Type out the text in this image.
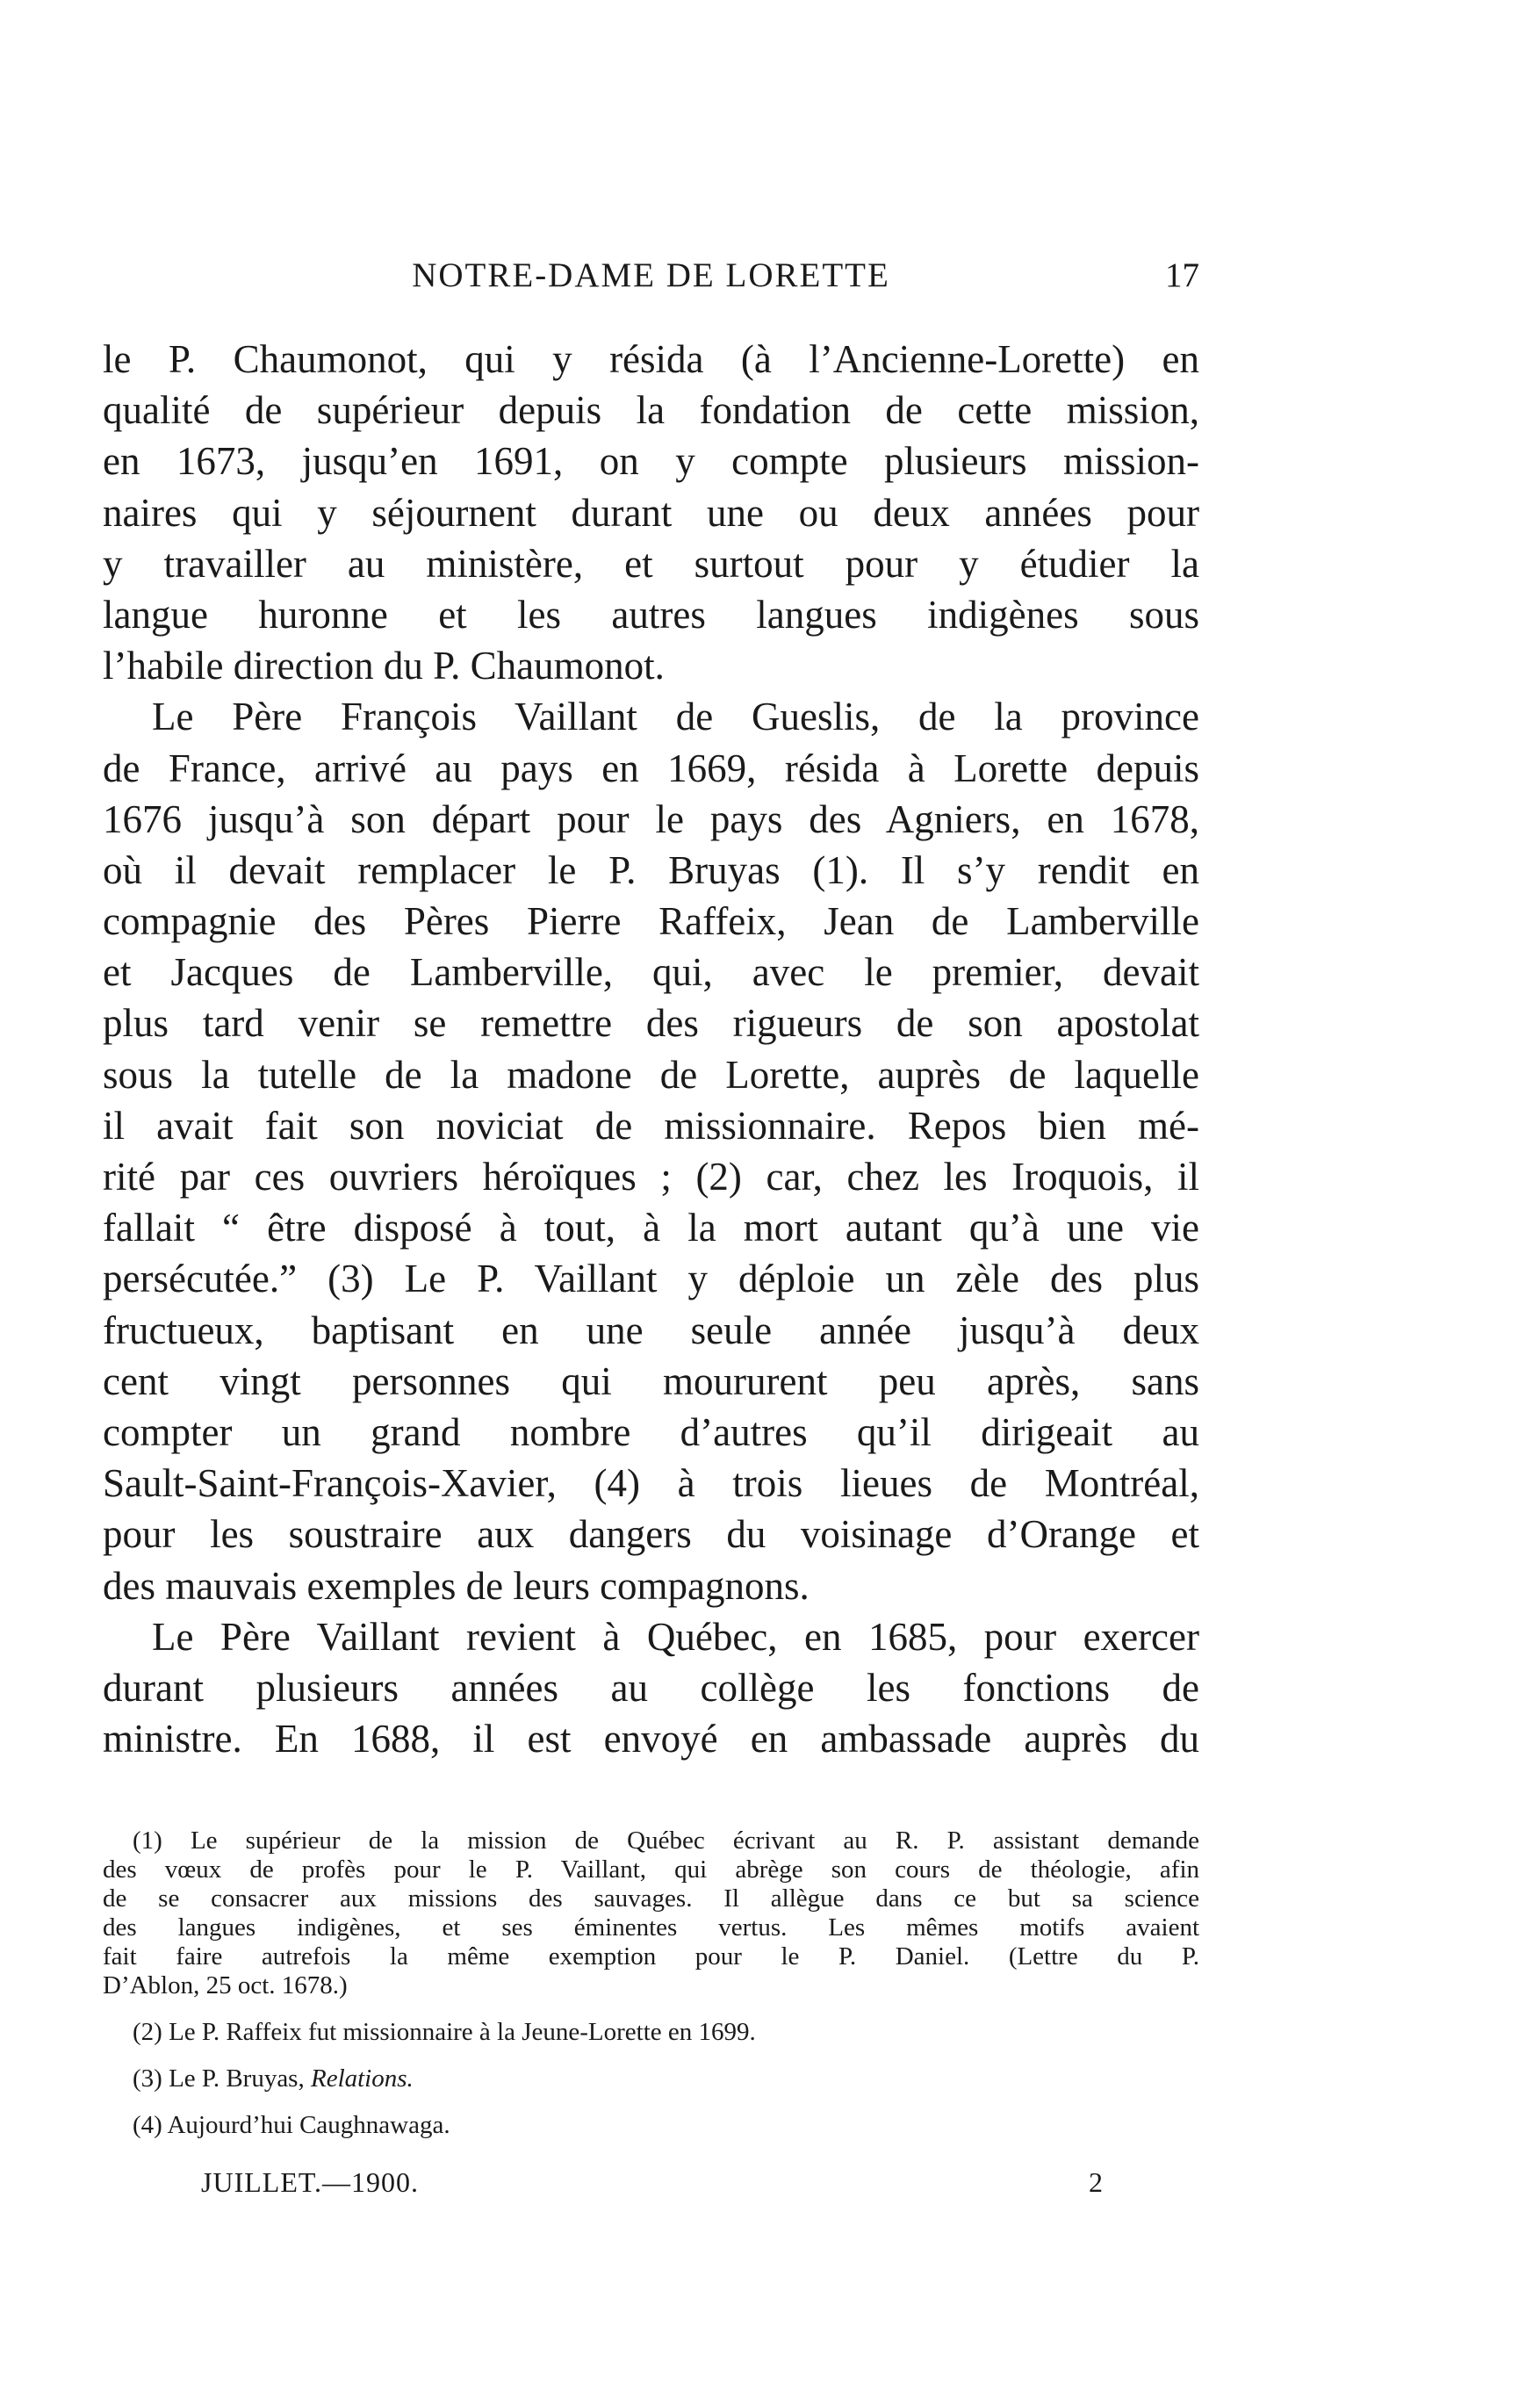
NOTRE-DAME DE LORETTE	17
le P. Chaumonot, qui y résida (à l’Ancienne-Lorette) en
qualité de supérieur depuis la fondation de cette mission,
en 1673, jusqu’en 1691, on y compte plusieurs mission-
naires qui y séjournent durant une ou deux années pour
y travailler au ministère, et surtout pour y étudier la
langue huronne et les autres langues indigènes sous
l’habile direction du P. Chaumonot.
Le Père François Vaillant de Gueslis, de la province
de France, arrivé au pays en 1669, résida à Lorette depuis
1676 jusqu’à son départ pour le pays des Agniers, en 1678,
où il devait remplacer le P. Bruyas (1). Il s’y rendit en
compagnie des Pères Pierre Raffeix, Jean de Lamberville
et Jacques de Lamberville, qui, avec le premier, devait
plus tard venir se remettre des rigueurs de son apostolat
sous la tutelle de la madone de Lorette, auprès de laquelle
il avait fait son noviciat de missionnaire. Repos bien mé-
rité par ces ouvriers héroïques ; (2) car, chez les Iroquois, il
fallait “ être disposé à tout, à la mort autant qu’à une vie
persécutée.” (3) Le P. Vaillant y déploie un zèle des plus
fructueux, baptisant en une seule année jusqu’à deux
cent vingt personnes qui moururent peu après, sans
compter un grand nombre d’autres qu’il dirigeait au
Sault-Saint-François-Xavier, (4) à trois lieues de Montréal,
pour les soustraire aux dangers du voisinage d’Orange et
des mauvais exemples de leurs compagnons.
Le Père Vaillant revient à Québec, en 1685, pour exercer
durant plusieurs années au collège les fonctions de
ministre. En 1688, il est envoyé en ambassade auprès du
(1) Le supérieur de la mission de Québec écrivant au R. P. assistant demande
des vœux de profès pour le P. Vaillant, qui abrège son cours de théologie, afin
de se consacrer aux missions des sauvages. Il allègue dans ce but sa science
des langues indigènes, et ses éminentes vertus. Les mêmes motifs avaient
fait faire autrefois la même exemption pour le P. Daniel. (Lettre du P.
D’Ablon, 25 oct. 1678.)
(2) Le P. Raffeix fut missionnaire à la Jeune-Lorette en 1699.
(3) Le P. Bruyas, Relations.
(4) Aujourd’hui Caughnawaga.
JUILLET.—1900.	2
